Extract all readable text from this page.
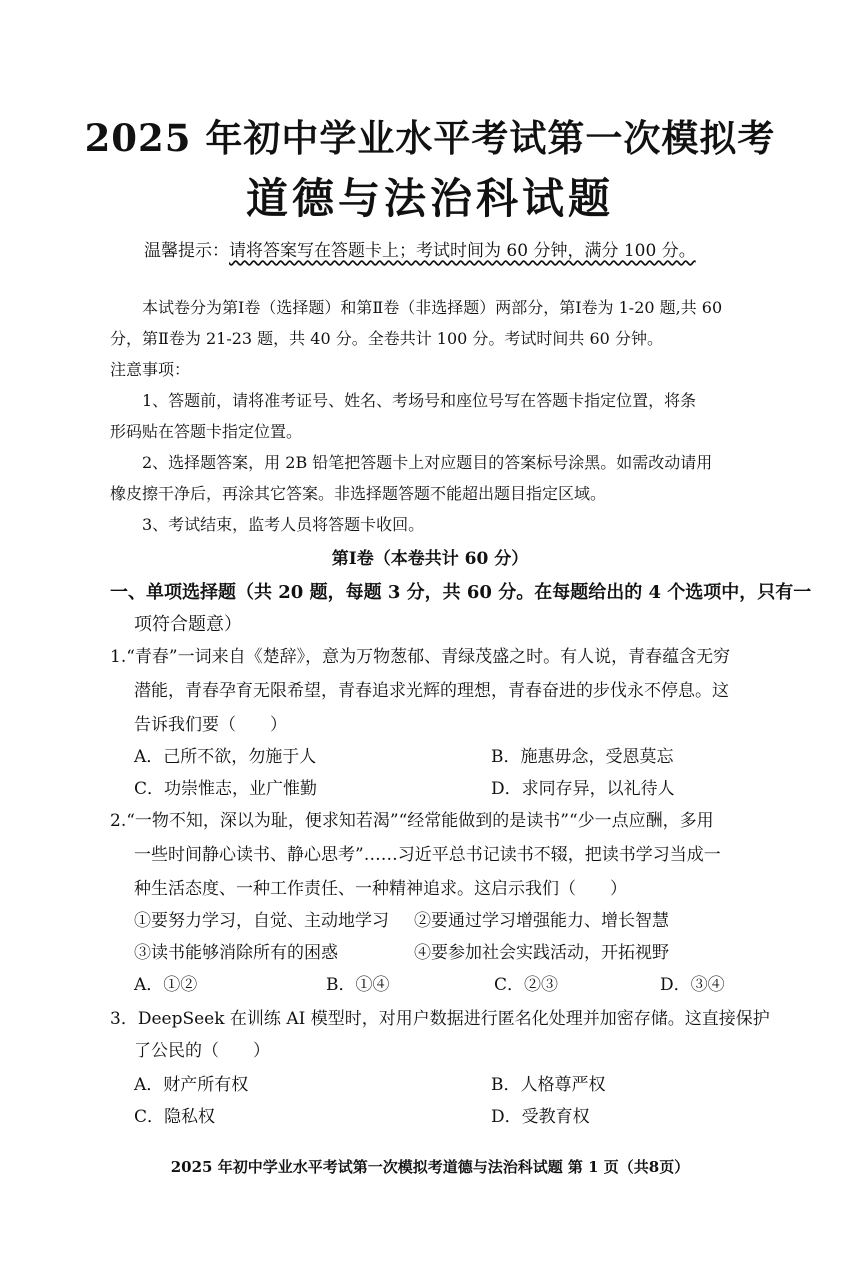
2025 年初中学业水平考试第一次模拟考
道德与法治科试题
温馨提示：请将答案写在答题卡上；考试时间为 60 分钟，满分 100 分。
本试卷分为第Ⅰ卷（选择题）和第Ⅱ卷（非选择题）两部分，第Ⅰ卷为 1-20 题,共 60
分，第Ⅱ卷为 21-23 题，共 40 分。全卷共计 100 分。考试时间共 60 分钟。
注意事项：
1、答题前，请将准考证号、姓名、考场号和座位号写在答题卡指定位置，将条
形码贴在答题卡指定位置。
2、选择题答案，用 2B 铅笔把答题卡上对应题目的答案标号涂黑。如需改动请用
橡皮擦干净后，再涂其它答案。非选择题答题不能超出题目指定区域。
3、考试结束，监考人员将答题卡收回。
第Ⅰ卷（本卷共计 60 分）
一、单项选择题（共 20 题，每题 3 分，共 60 分。在每题给出的 4 个选项中，只有一
项符合题意）
1.“青春”一词来自《楚辞》，意为万物葱郁、青绿茂盛之时。有人说，青春蕴含无穷
潜能，青春孕育无限希望，青春追求光辉的理想，青春奋进的步伐永不停息。这
告诉我们要（　　）
A．己所不欲，勿施于人	B．施惠毋念，受恩莫忘
C．功崇惟志，业广惟勤	D．求同存异，以礼待人
2.“一物不知，深以为耻，便求知若渴”“经常能做到的是读书”“少一点应酬，多用
一些时间静心读书、静心思考”……习近平总书记读书不辍，把读书学习当成一
种生活态度、一种工作责任、一种精神追求。这启示我们（　　）
①要努力学习，自觉、主动地学习 ②要通过学习增强能力、增长智慧
③读书能够消除所有的困惑	④要参加社会实践活动，开拓视野
A．①②	B．①④	C．②③	D．③④
3．DeepSeek 在训练 AI 模型时，对用户数据进行匿名化处理并加密存储。这直接保护
了公民的（　　）
A．财产所有权	B．人格尊严权
C．隐私权	D．受教育权
2025 年初中学业水平考试第一次模拟考道德与法治科试题 第 1 页（共8页）
